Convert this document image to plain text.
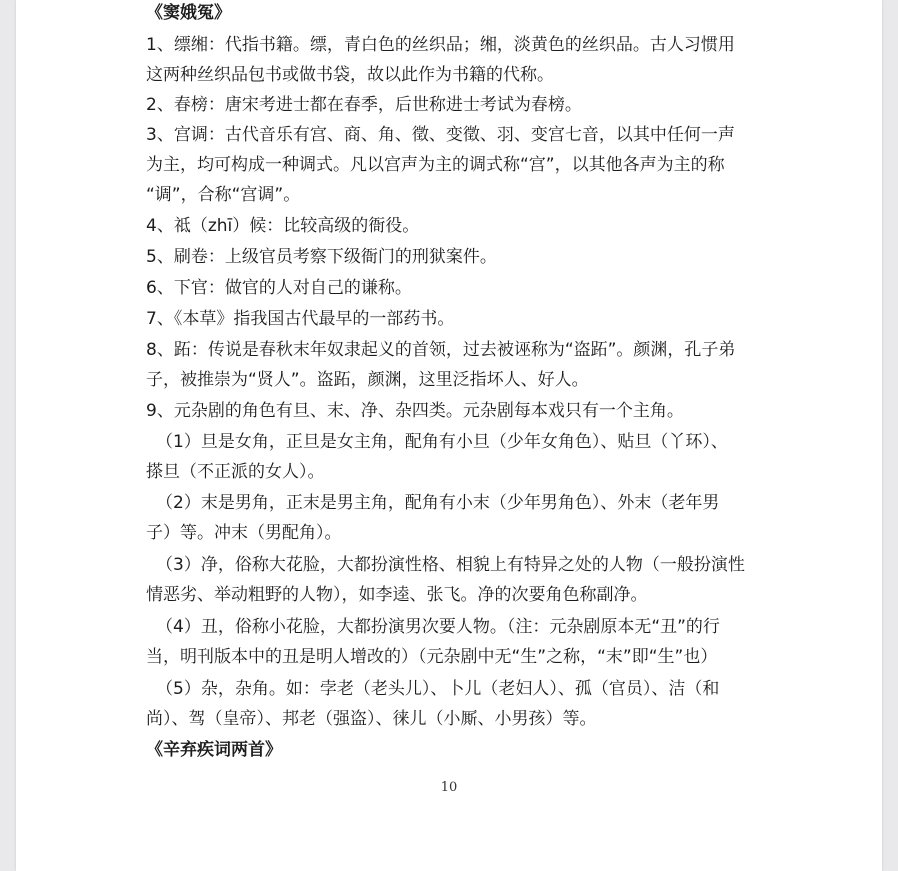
《窦娥冤》
1、缥缃：代指书籍。缥，青白色的丝织品；缃，淡黄色的丝织品。古人习惯用
这两种丝织品包书或做书袋，故以此作为书籍的代称。
2、春榜：唐宋考进士都在春季，后世称进士考试为春榜。
3、宫调：古代音乐有宫、商、角、徵、变徵、羽、变宫七音，以其中任何一声
为主，均可构成一种调式。凡以宫声为主的调式称“宫”，以其他各声为主的称
“调”，合称“宫调”。
4、祗（zhī）候：比较高级的衙役。
5、刷卷：上级官员考察下级衙门的刑狱案件。
6、下官：做官的人对自己的谦称。
7、《本草》指我国古代最早的一部药书。
8、跖：传说是春秋末年奴隶起义的首领，过去被诬称为“盗跖”。颜渊，孔子弟
子，被推崇为“贤人”。盗跖，颜渊，这里泛指坏人、好人。
9、元杂剧的角色有旦、末、净、杂四类。元杂剧每本戏只有一个主角。
（1）旦是女角，正旦是女主角，配角有小旦（少年女角色）、贴旦（丫环）、
搽旦（不正派的女人）。
（2）末是男角，正末是男主角，配角有小末（少年男角色）、外末（老年男
子）等。冲末（男配角）。
（3）净，俗称大花脸，大都扮演性格、相貌上有特异之处的人物（一般扮演性
情恶劣、举动粗野的人物），如李逵、张飞。净的次要角色称副净。
（4）丑，俗称小花脸，大都扮演男次要人物。（注：元杂剧原本无“丑”的行
当，明刊版本中的丑是明人增改的）（元杂剧中无“生”之称，“末”即“生”也）
（5）杂，杂角。如：孛老（老头儿）、卜儿（老妇人）、孤（官员）、洁（和
尚）、驾（皇帝）、邦老（强盗）、徕儿（小厮、小男孩）等。
《辛弃疾词两首》
10
